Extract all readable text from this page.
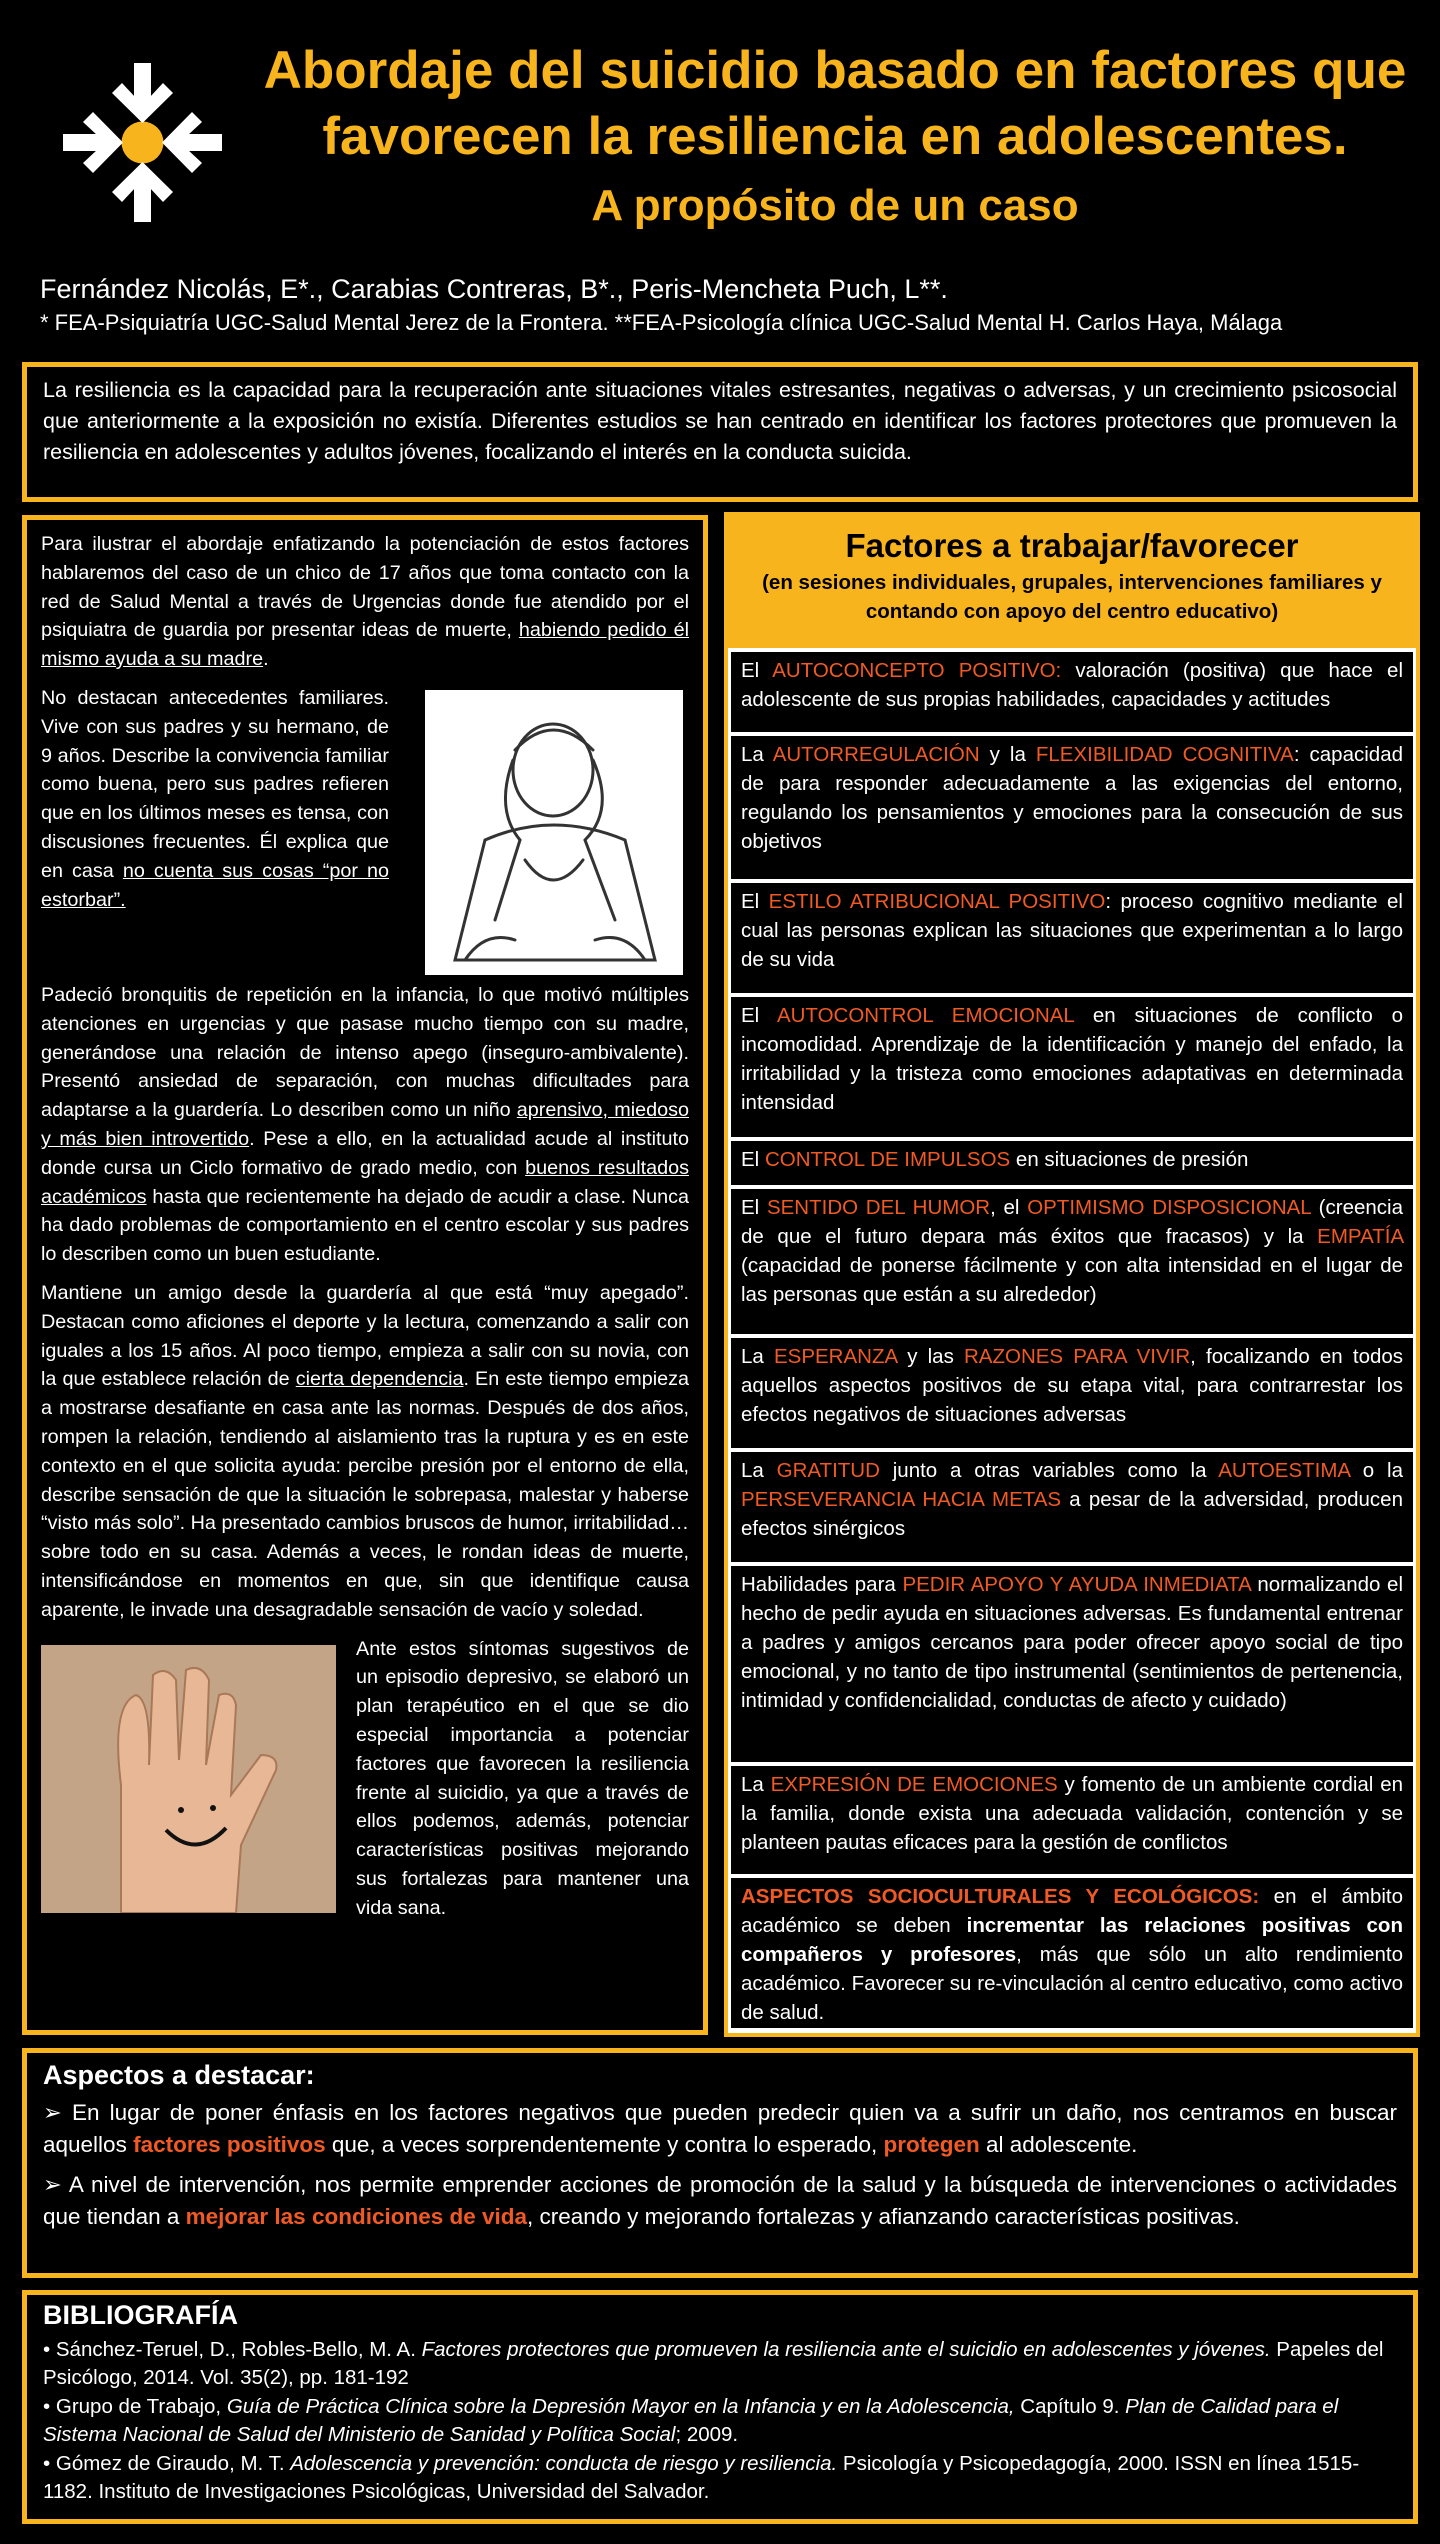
Abordaje del suicidio basado en factores que
favorecen la resiliencia en adolescentes.
A propósito de un caso
Fernández Nicolás, E*., Carabias Contreras, B*., Peris-Mencheta Puch, L**.
* FEA-Psiquiatría UGC-Salud Mental Jerez de la Frontera. **FEA-Psicología clínica UGC-Salud Mental H. Carlos Haya, Málaga
La resiliencia es la capacidad para la recuperación ante situaciones vitales estresantes, negativas o adversas, y un crecimiento psicosocial que anteriormente a la exposición no existía. Diferentes estudios se han centrado en identificar los factores protectores que promueven la resiliencia en adolescentes y adultos jóvenes, focalizando el interés en la conducta suicida.

Para ilustrar el abordaje enfatizando la potenciación de estos factores hablaremos del caso de un chico de 17 años que toma contacto con la red de Salud Mental a través de Urgencias donde fue atendido por el psiquiatra de guardia por presentar ideas de muerte, habiendo pedido él mismo ayuda a su madre.

No destacan antecedentes familiares. Vive con sus padres y su hermano, de 9 años. Describe la convivencia familiar como buena, pero sus padres refieren que en los últimos meses es tensa, con discusiones frecuentes. Él explica que en casa no cuenta sus cosas “por no estorbar”.

Padeció bronquitis de repetición en la infancia, lo que motivó múltiples atenciones en urgencias y que pasase mucho tiempo con su madre, generándose una relación de intenso apego (inseguro-ambivalente). Presentó ansiedad de separación, con muchas dificultades para adaptarse a la guardería. Lo describen como un niño aprensivo, miedoso y más bien introvertido. Pese a ello, en la actualidad acude al instituto donde cursa un Ciclo formativo de grado medio, con buenos resultados académicos hasta que recientemente ha dejado de acudir a clase. Nunca ha dado problemas de comportamiento en el centro escolar y sus padres lo describen como un buen estudiante.

Mantiene un amigo desde la guardería al que está “muy apegado”. Destacan como aficiones el deporte y la lectura, comenzando a salir con iguales a los 15 años. Al poco tiempo, empieza a salir con su novia, con la que establece relación de cierta dependencia. En este tiempo empieza a mostrarse desafiante en casa ante las normas. Después de dos años, rompen la relación, tendiendo al aislamiento tras la ruptura y es en este contexto en el que solicita ayuda: percibe presión por el entorno de ella, describe sensación de que la situación le sobrepasa, malestar y haberse “visto más solo”. Ha presentado cambios bruscos de humor, irritabilidad… sobre todo en su casa. Además a veces, le rondan ideas de muerte, intensificándose en momentos en que, sin que identifique causa aparente, le invade una desagradable sensación de vacío y soledad.

Ante estos síntomas sugestivos de un episodio depresivo, se elaboró un plan terapéutico en el que se dio especial importancia a potenciar factores que favorecen la resiliencia frente al suicidio, ya que a través de ellos podemos, además, potenciar características positivas mejorando sus fortalezas para mantener una vida sana.

Factores a trabajar/favorecer
(en sesiones individuales, grupales, intervenciones familiares y contando con apoyo del centro educativo)
El AUTOCONCEPTO POSITIVO: valoración (positiva) que hace el adolescente de sus propias habilidades, capacidades y actitudes
La AUTORREGULACIÓN y la FLEXIBILIDAD COGNITIVA: capacidad de para responder adecuadamente a las exigencias del entorno, regulando los pensamientos y emociones para la consecución de sus objetivos
El ESTILO ATRIBUCIONAL POSITIVO: proceso cognitivo mediante el cual las personas explican las situaciones que experimentan a lo largo de su vida
El AUTOCONTROL EMOCIONAL en situaciones de conflicto o incomodidad. Aprendizaje de la identificación y manejo del enfado, la irritabilidad y la tristeza como emociones adaptativas en determinada intensidad
El CONTROL DE IMPULSOS en situaciones de presión
El SENTIDO DEL HUMOR, el OPTIMISMO DISPOSICIONAL (creencia de que el futuro depara más éxitos que fracasos) y la EMPATÍA (capacidad de ponerse fácilmente y con alta intensidad en el lugar de las personas que están a su alrededor)
La ESPERANZA y las RAZONES PARA VIVIR, focalizando en todos aquellos aspectos positivos de su etapa vital, para contrarrestar los efectos negativos de situaciones adversas
La GRATITUD junto a otras variables como la AUTOESTIMA o la PERSEVERANCIA HACIA METAS a pesar de la adversidad, producen efectos sinérgicos
Habilidades para PEDIR APOYO Y AYUDA INMEDIATA normalizando el hecho de pedir ayuda en situaciones adversas. Es fundamental entrenar a padres y amigos cercanos para poder ofrecer apoyo social de tipo emocional, y no tanto de tipo instrumental (sentimientos de pertenencia, intimidad y confidencialidad, conductas de afecto y cuidado)
La EXPRESIÓN DE EMOCIONES y fomento de un ambiente cordial en la familia, donde exista una adecuada validación, contención y se planteen pautas eficaces para la gestión de conflictos
ASPECTOS SOCIOCULTURALES Y ECOLÓGICOS: en el ámbito académico se deben incrementar las relaciones positivas con compañeros y profesores, más que sólo un alto rendimiento académico. Favorecer su re-vinculación al centro educativo, como activo de salud.
Aspectos a destacar:

➢ En lugar de poner énfasis en los factores negativos que pueden predecir quien va a sufrir un daño, nos centramos en buscar aquellos factores positivos que, a veces sorprendentemente y contra lo esperado, protegen al adolescente.

➢ A nivel de intervención, nos permite emprender acciones de promoción de la salud y la búsqueda de intervenciones o actividades que tiendan a mejorar las condiciones de vida, creando y mejorando fortalezas y afianzando características positivas.

BIBLIOGRAFÍA

• Sánchez-Teruel, D., Robles-Bello, M. A. Factores protectores que promueven la resiliencia ante el suicidio en adolescentes y jóvenes. Papeles del Psicólogo, 2014. Vol. 35(2), pp. 181-192

• Grupo de Trabajo, Guía de Práctica Clínica sobre la Depresión Mayor en la Infancia y en la Adolescencia, Capítulo 9. Plan de Calidad para el Sistema Nacional de Salud del Ministerio de Sanidad y Política Social; 2009.

• Gómez de Giraudo, M. T. Adolescencia y prevención: conducta de riesgo y resiliencia. Psicología y Psicopedagogía, 2000. ISSN en línea 1515-1182. Instituto de Investigaciones Psicológicas, Universidad del Salvador.
